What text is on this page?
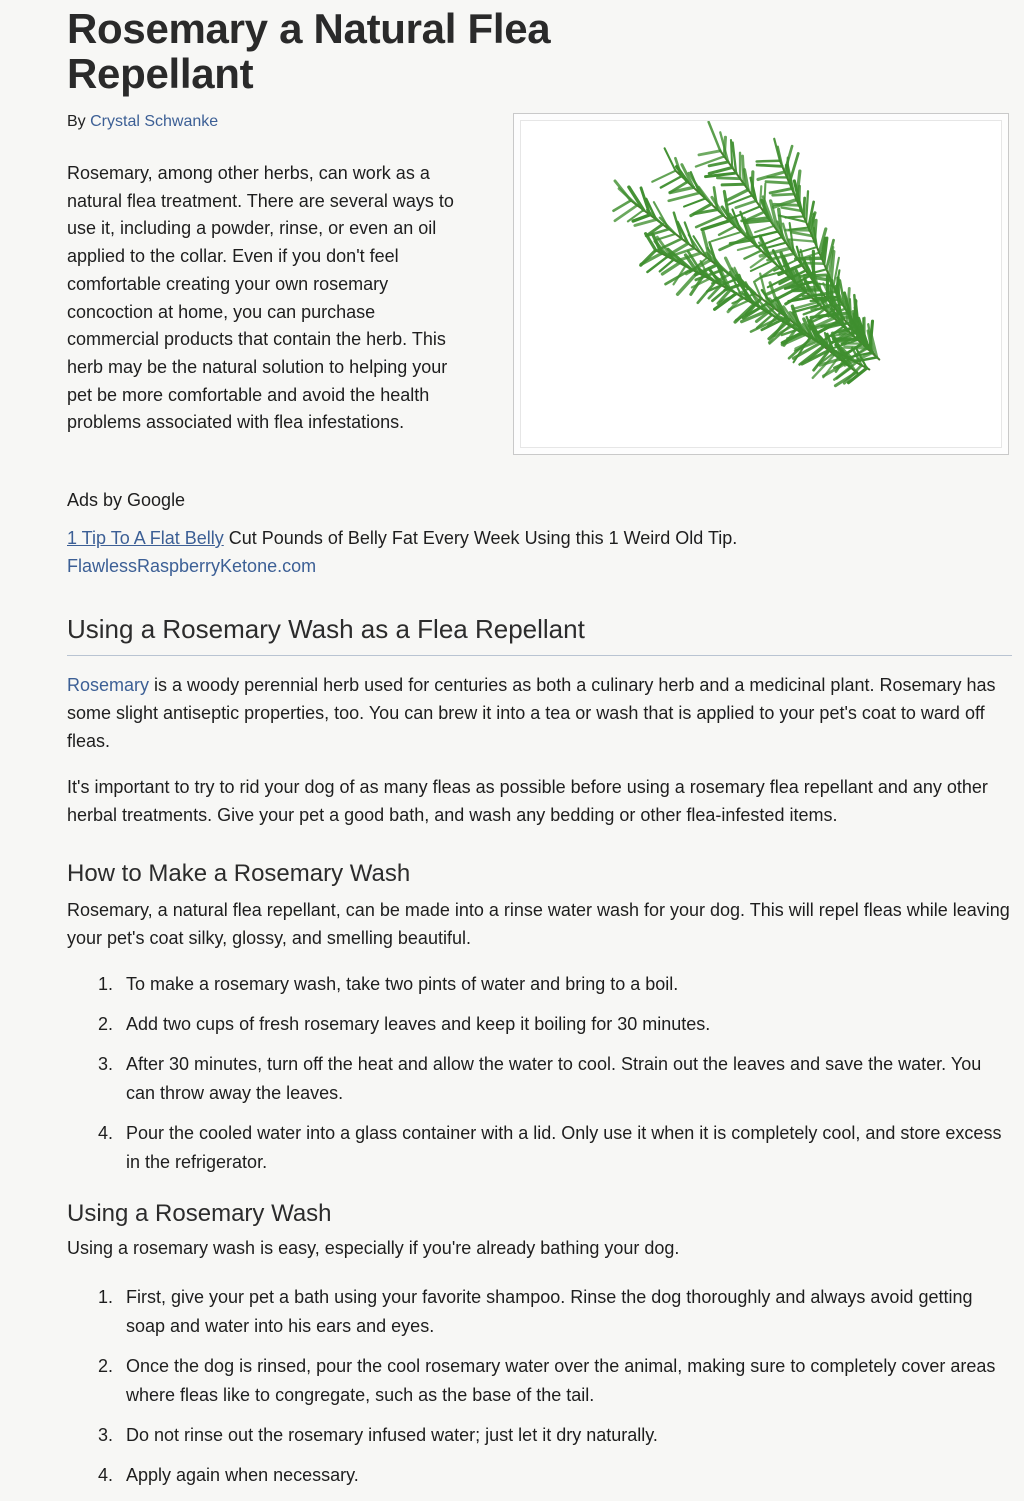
Rosemary a Natural Flea Repellant
By Crystal Schwanke

Rosemary, among other herbs, can work as a natural flea treatment. There are several ways to use it, including a powder, rinse, or even an oil applied to the collar. Even if you don't feel comfortable creating your own rosemary concoction at home, you can purchase commercial products that contain the herb. This herb may be the natural solution to helping your pet be more comfortable and avoid the health problems associated with flea infestations.

Ads by Google
1 Tip To A Flat Belly Cut Pounds of Belly Fat Every Week Using this 1 Weird Old Tip.
FlawlessRaspberryKetone.com
Using a Rosemary Wash as a Flea Repellant

Rosemary is a woody perennial herb used for centuries as both a culinary herb and a medicinal plant. Rosemary has some slight antiseptic properties, too. You can brew it into a tea or wash that is applied to your pet's coat to ward off fleas.

It's important to try to rid your dog of as many fleas as possible before using a rosemary flea repellant and any other herbal treatments. Give your pet a good bath, and wash any bedding or other flea-infested items.

How to Make a Rosemary Wash

Rosemary, a natural flea repellant, can be made into a rinse water wash for your dog. This will repel fleas while leaving your pet's coat silky, glossy, and smelling beautiful.

1. To make a rosemary wash, take two pints of water and bring to a boil.
2. Add two cups of fresh rosemary leaves and keep it boiling for 30 minutes.
3. After 30 minutes, turn off the heat and allow the water to cool. Strain out the leaves and save the water. You can throw away the leaves.
4. Pour the cooled water into a glass container with a lid. Only use it when it is completely cool, and store excess in the refrigerator.
Using a Rosemary Wash

Using a rosemary wash is easy, especially if you're already bathing your dog.

1. First, give your pet a bath using your favorite shampoo. Rinse the dog thoroughly and always avoid getting soap and water into his ears and eyes.
2. Once the dog is rinsed, pour the cool rosemary water over the animal, making sure to completely cover areas where fleas like to congregate, such as the base of the tail.
3. Do not rinse out the rosemary infused water; just let it dry naturally.
4. Apply again when necessary.
